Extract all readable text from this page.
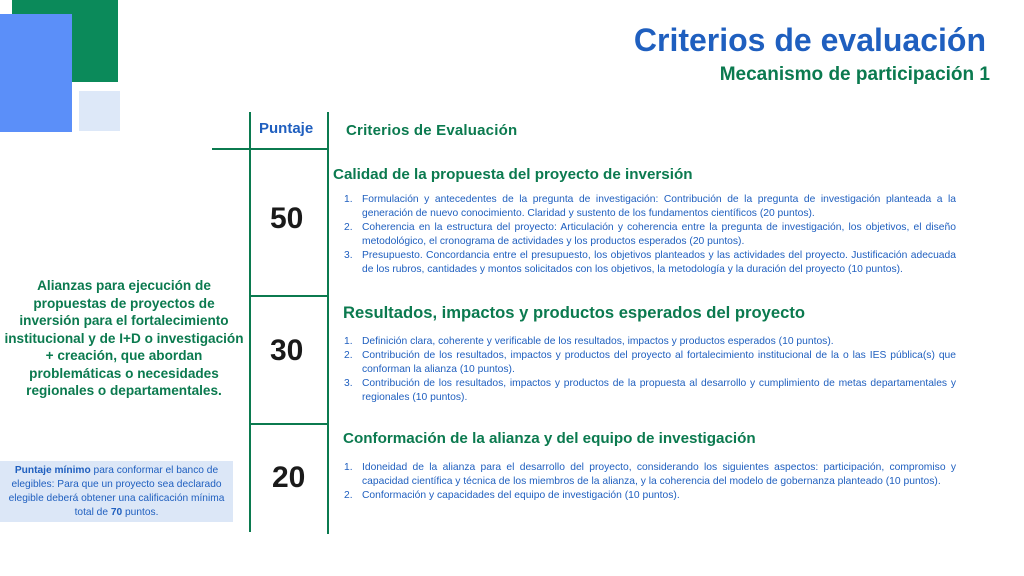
Criterios de evaluación
Mecanismo de participación 1
Puntaje Criterios de Evaluación
50
30
20

Alianzas para ejecución de propuestas de proyectos de inversión para el fortalecimiento institucional y de I+D o investigación + creación, que abordan problemáticas o necesidades regionales o departamentales.

Puntaje mínimo para conformar el banco de elegibles: Para que un proyecto sea declarado elegible deberá obtener una calificación mínima total de 70 puntos.
Calidad de la propuesta del proyecto de inversión
1. Formulación y antecedentes de la pregunta de investigación: Contribución de la pregunta de investigación planteada a la generación de nuevo conocimiento. Claridad y sustento de los fundamentos científicos (20 puntos).
2. Coherencia en la estructura del proyecto: Articulación y coherencia entre la pregunta de investigación, los objetivos, el diseño metodológico, el cronograma de actividades y los productos esperados (20 puntos).
3. Presupuesto. Concordancia entre el presupuesto, los objetivos planteados y las actividades del proyecto. Justificación adecuada de los rubros, cantidades y montos solicitados con los objetivos, la metodología y la duración del proyecto (10 puntos).
Resultados, impactos y productos esperados del proyecto
1. Definición clara, coherente y verificable de los resultados, impactos y productos esperados (10 puntos).
2. Contribución de los resultados, impactos y productos del proyecto al fortalecimiento institucional de la o las IES pública(s) que conforman la alianza (10 puntos).
3. Contribución de los resultados, impactos y productos de la propuesta al desarrollo y cumplimiento de metas departamentales y regionales (10 puntos).
Conformación de la alianza y del equipo de investigación
1. Idoneidad de la alianza para el desarrollo del proyecto, considerando los siguientes aspectos: participación, compromiso y capacidad científica y técnica de los miembros de la alianza, y la coherencia del modelo de gobernanza planteado (10 puntos).
2. Conformación y capacidades del equipo de investigación (10 puntos).
